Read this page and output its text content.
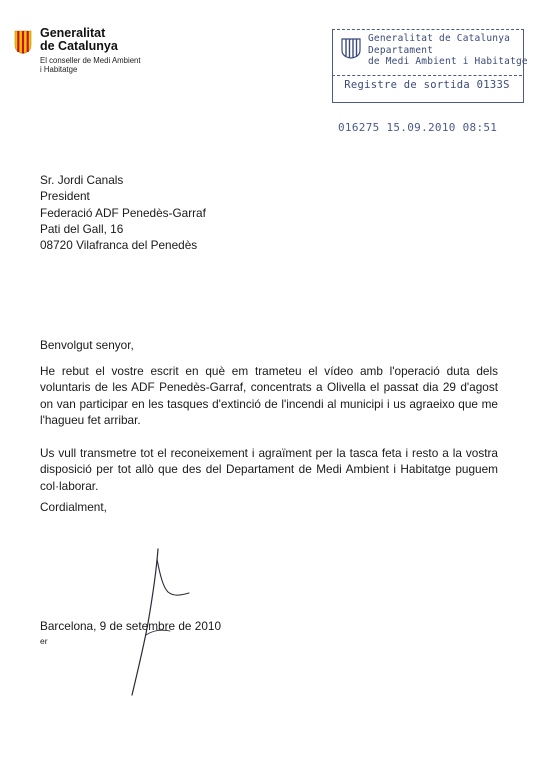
Generalitat
de Catalunya
El conseller de Medi Ambient
i Habitatge
Generalitat de Catalunya
Departament
de Medi Ambient i Habitatge
Registre de sortida 0133S
016275 15.09.2010 08:51
Sr. Jordi Canals
President
Federació ADF Penedès-Garraf
Pati del Gall, 16
08720 Vilafranca del Penedès
Benvolgut senyor,

He rebut el vostre escrit en què em trameteu el vídeo amb l'operació duta dels voluntaris de les ADF Penedès-Garraf, concentrats a Olivella el passat dia 29 d'agost on van participar en les tasques d'extinció de l'incendi al municipi i us agraeixo que me l'hagueu fet arribar.

Us vull transmetre tot el reconeixement i agraïment per la tasca feta i resto a la vostra disposició per tot allò que des del Departament de Medi Ambient i Habitatge puguem col·laborar.

Cordialment,
Barcelona, 9 de setembre de 2010
er
